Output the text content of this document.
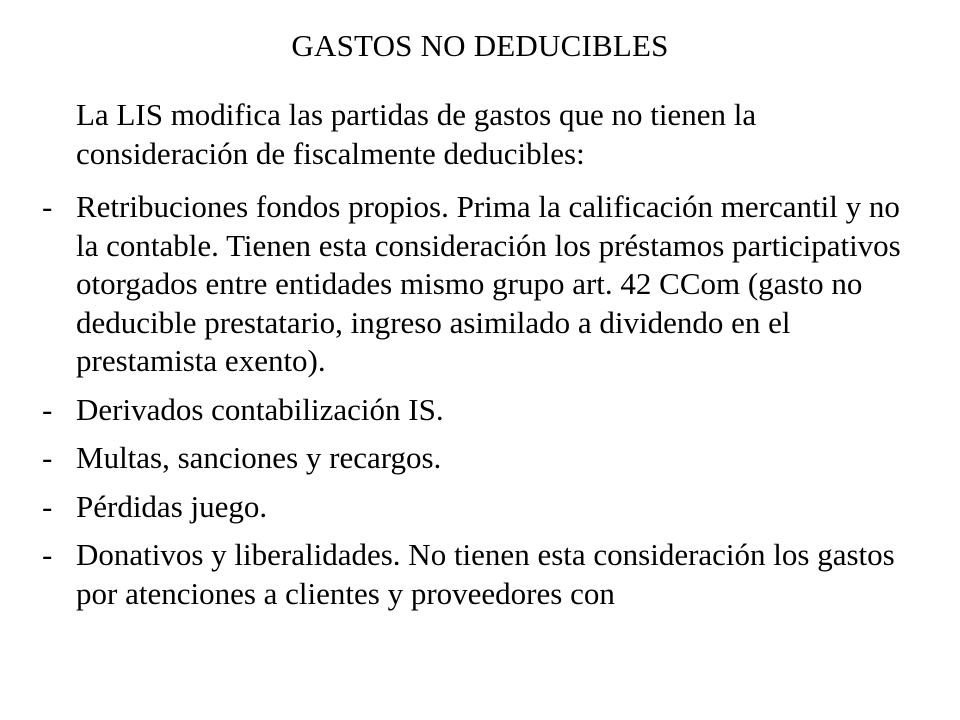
GASTOS NO DEDUCIBLES

La LIS modifica las partidas de gastos que no tienen la consideración de fiscalmente deducibles:

- Retribuciones fondos propios. Prima la calificación mercantil y no la contable. Tienen esta consideración los préstamos participativos otorgados entre entidades mismo grupo art. 42 CCom (gasto no deducible prestatario, ingreso asimilado a dividendo en el prestamista exento).
- Derivados contabilización IS.
- Multas, sanciones y recargos.
- Pérdidas juego.
- Donativos y liberalidades. No tienen esta consideración los gastos por atenciones a clientes y proveedores con
